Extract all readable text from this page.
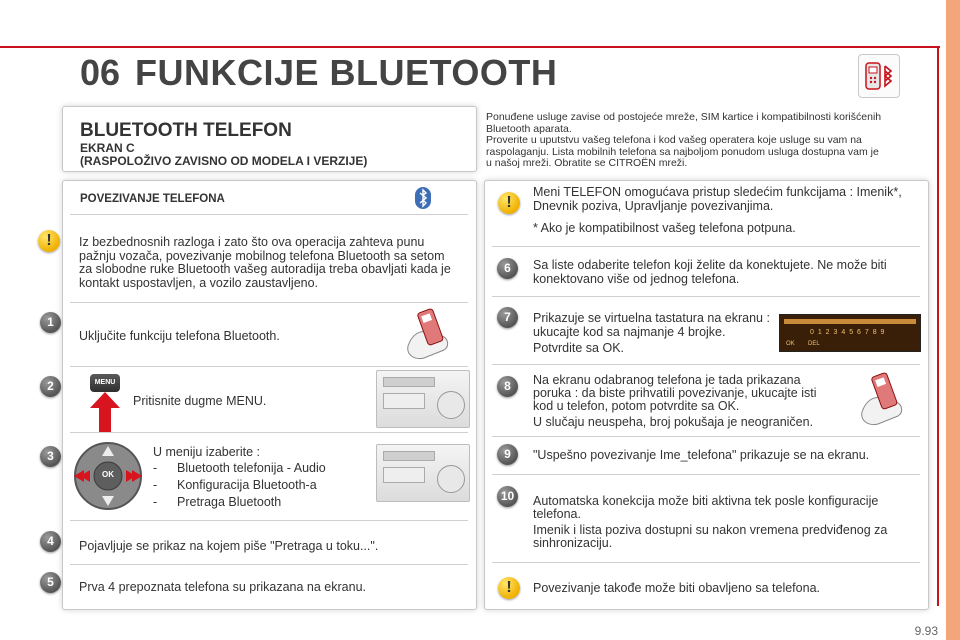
06 FUNKCIJE BLUETOOTH
BLUETOOTH TELEFON
EKRAN C
(RASPOLOŽIVO ZAVISNO OD MODELA I VERZIJE)
Ponuđene usluge zavise od postojeće mreže, SIM kartice i kompatibilnosti korišćenih
Bluetooth aparata.
Proverite u uputstvu vašeg telefona i kod vašeg operatera koje usluge su vam na
raspolaganju. Lista mobilnih telefona sa najboljom ponudom usluga dostupna vam je
u našoj mreži. Obratite se CITROËN mreži.
POVEZIVANJE TELEFONA
!	Iz bezbednosnih razloga i zato što ova operacija zahteva punu
pažnju vozača, povezivanje mobilnog telefona Bluetooth sa setom
za slobodne ruke Bluetooth vašeg autoradija treba obavljati kada je
kontakt uspostavljen, a vozilo zaustavljeno.
1
Uključite funkciju telefona Bluetooth.
2	MENU
Pritisnite dugme MENU.
3
OK
U meniju izaberite :
- Bluetooth telefonija - Audio
- Konfiguracija Bluetooth-a
- Pretraga Bluetooth
4	Pojavljuje se prikaz na kojem piše "Pretraga u toku...".
5	Prva 4 prepoznata telefona su prikazana na ekranu.
!
Meni TELEFON omogućava pristup sledećim funkcijama : Imenik*,
Dnevnik poziva, Upravljanje povezivanjima.
* Ako je kompatibilnost vašeg telefona potpuna.
6	Sa liste odaberite telefon koji želite da konektujete. Ne može biti
konektovano više od jednog telefona.
7	Prikazuje se virtuelna tastatura na ekranu :
ukucajte kod sa najmanje 4 brojke.
Potvrdite sa OK.
0 1 2 3 4 5 6 7 8 9
OK DEL
8	Na ekranu odabranog telefona je tada prikazana
poruka : da biste prihvatili povezivanje, ukucajte isti
kod u telefon, potom potvrdite sa OK.
U slučaju neuspeha, broj pokušaja je neograničen.
9	"Uspešno povezivanje Ime_telefona" prikazuje se na ekranu.
10	Automatska konekcija može biti aktivna tek posle konfiguracije
telefona.
Imenik i lista poziva dostupni su nakon vremena predviđenog za
sinhronizaciju.
!	Povezivanje takođe može biti obavljeno sa telefona.
9.93
